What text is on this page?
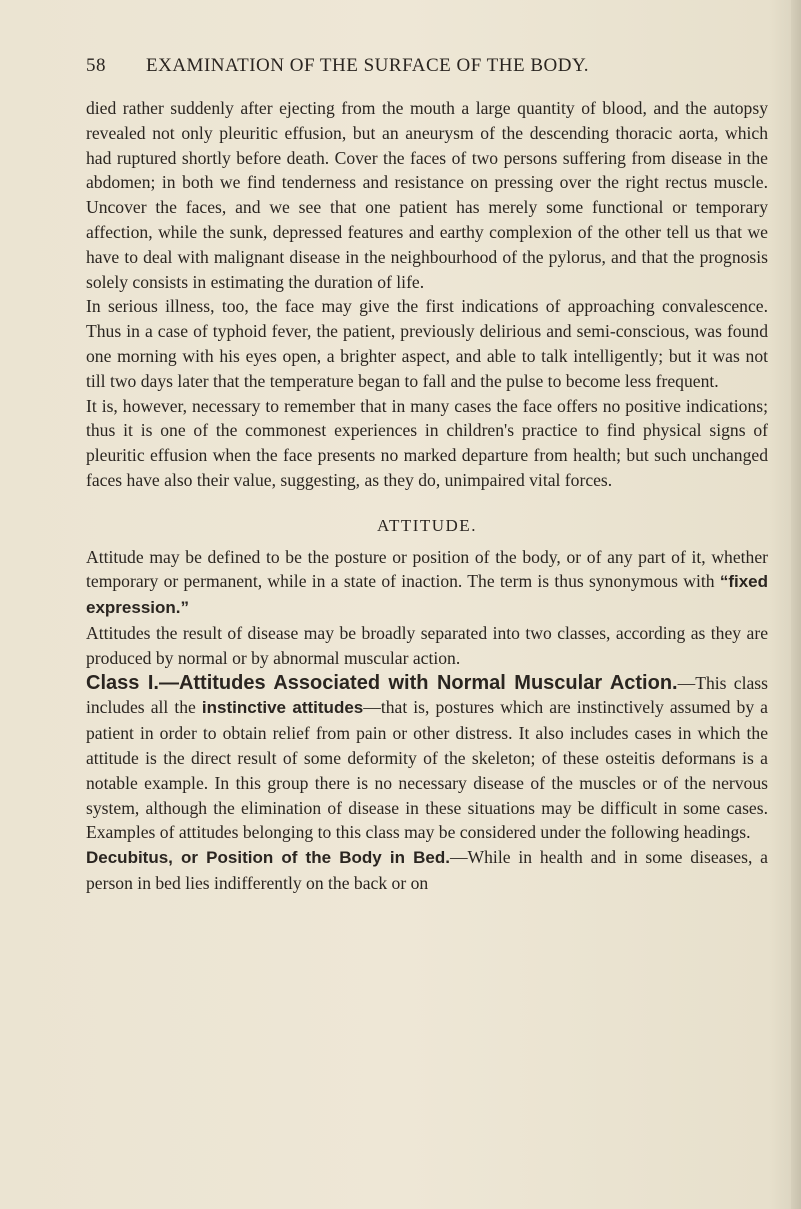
58 EXAMINATION OF THE SURFACE OF THE BODY.

died rather suddenly after ejecting from the mouth a large quantity of blood, and the autopsy revealed not only pleuritic effusion, but an aneurysm of the descending thoracic aorta, which had ruptured shortly before death. Cover the faces of two persons suffering from disease in the abdomen; in both we find tenderness and resistance on pressing over the right rectus muscle. Uncover the faces, and we see that one patient has merely some functional or temporary affection, while the sunk, depressed features and earthy complexion of the other tell us that we have to deal with malignant disease in the neighbourhood of the pylorus, and that the prognosis solely consists in estimating the duration of life.

In serious illness, too, the face may give the first indications of approaching convalescence. Thus in a case of typhoid fever, the patient, previously delirious and semi-conscious, was found one morning with his eyes open, a brighter aspect, and able to talk intelligently; but it was not till two days later that the temperature began to fall and the pulse to become less frequent.

It is, however, necessary to remember that in many cases the face offers no positive indications; thus it is one of the commonest experiences in children's practice to find physical signs of pleuritic effusion when the face presents no marked departure from health; but such unchanged faces have also their value, suggesting, as they do, unimpaired vital forces.

ATTITUDE.

Attitude may be defined to be the posture or position of the body, or of any part of it, whether temporary or permanent, while in a state of inaction. The term is thus synonymous with “fixed expression.”

Attitudes the result of disease may be broadly separated into two classes, according as they are produced by normal or by abnormal muscular action.

Class I.—Attitudes Associated with Normal Muscular Action.—This class includes all the instinctive attitudes—that is, postures which are instinctively assumed by a patient in order to obtain relief from pain or other distress. It also includes cases in which the attitude is the direct result of some deformity of the skeleton; of these osteitis deformans is a notable example. In this group there is no necessary disease of the muscles or of the nervous system, although the elimination of disease in these situations may be difficult in some cases. Examples of attitudes belonging to this class may be considered under the following headings.

Decubitus, or Position of the Body in Bed.—While in health and in some diseases, a person in bed lies indifferently on the back or on
